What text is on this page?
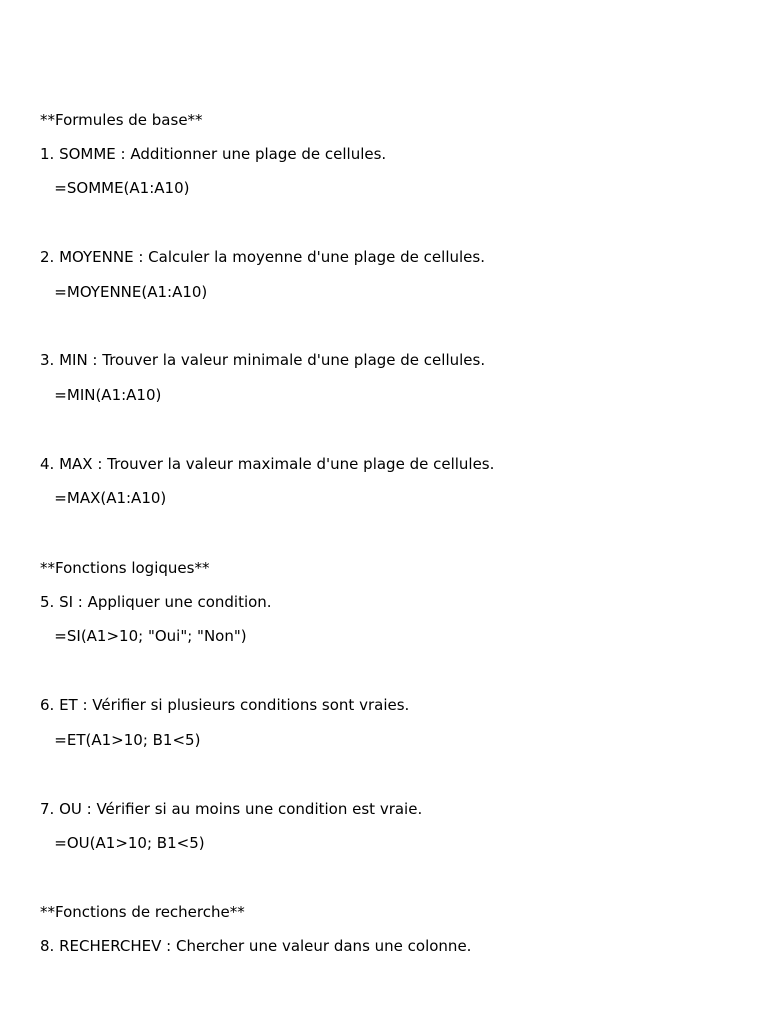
**Formules de base**

1. SOMME : Additionner une plage de cellules.

=SOMME(A1:A10)

2. MOYENNE : Calculer la moyenne d'une plage de cellules.

=MOYENNE(A1:A10)

3. MIN : Trouver la valeur minimale d'une plage de cellules.

=MIN(A1:A10)

4. MAX : Trouver la valeur maximale d'une plage de cellules.

=MAX(A1:A10)

**Fonctions logiques**

5. SI : Appliquer une condition.

=SI(A1>10; "Oui"; "Non")

6. ET : Vérifier si plusieurs conditions sont vraies.

=ET(A1>10; B1<5)

7. OU : Vérifier si au moins une condition est vraie.

=OU(A1>10; B1<5)

**Fonctions de recherche**

8. RECHERCHEV : Chercher une valeur dans une colonne.
